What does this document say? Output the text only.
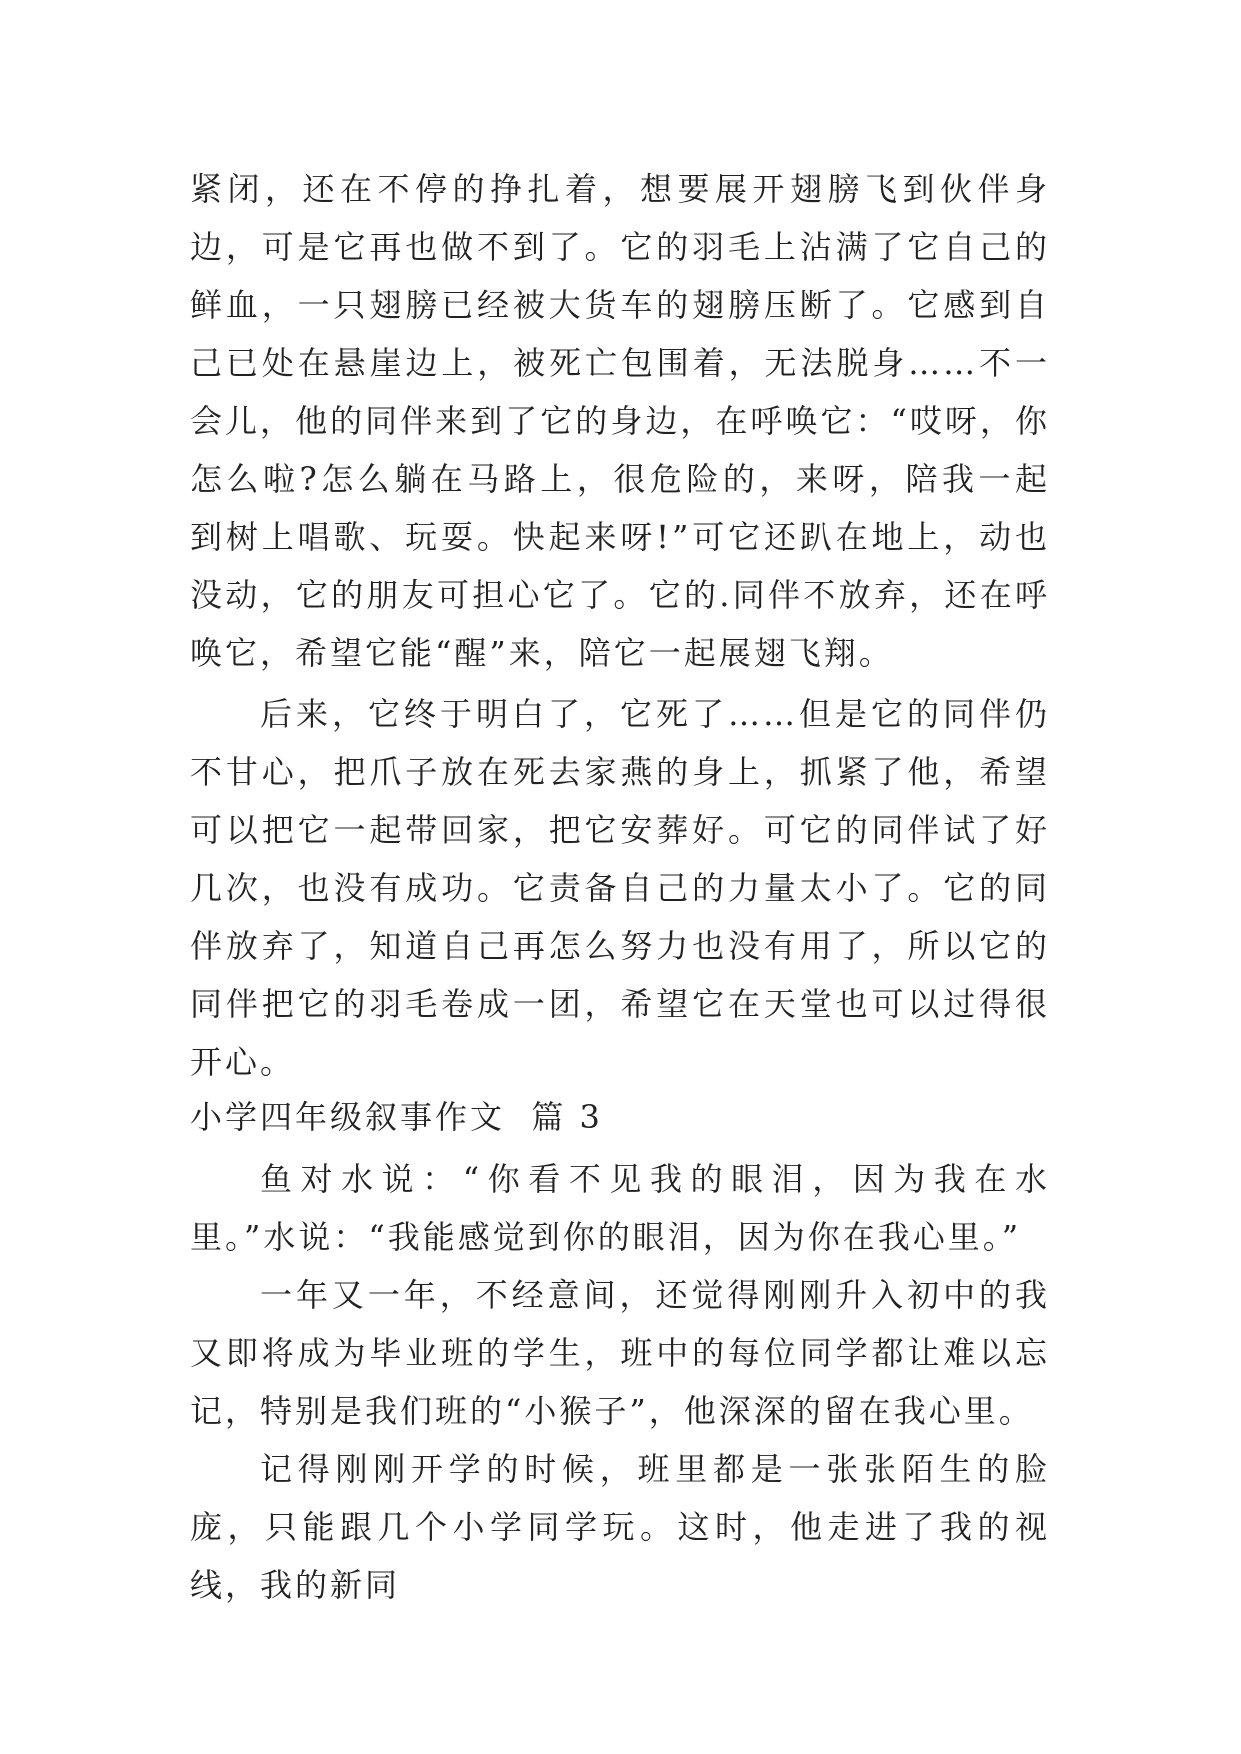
紧闭，还在不停的挣扎着，想要展开翅膀飞到伙伴身边，可是它再也做不到了。它的羽毛上沾满了它自己的鲜血，一只翅膀已经被大货车的翅膀压断了。它感到自己已处在悬崖边上，被死亡包围着，无法脱身……不一会儿，他的同伴来到了它的身边，在呼唤它：“哎呀，你怎么啦?怎么躺在马路上，很危险的，来呀，陪我一起到树上唱歌、玩耍。快起来呀!”可它还趴在地上，动也没动，它的朋友可担心它了。它的.同伴不放弃，还在呼唤它，希望它能“醒”来，陪它一起展翅飞翔。

后来，它终于明白了，它死了……但是它的同伴仍不甘心，把爪子放在死去家燕的身上，抓紧了他，希望可以把它一起带回家，把它安葬好。可它的同伴试了好几次，也没有成功。它责备自己的力量太小了。它的同伴放弃了，知道自己再怎么努力也没有用了，所以它的同伴把它的羽毛卷成一团，希望它在天堂也可以过得很开心。

小学四年级叙事作文  篇 3

鱼对水说：“你看不见我的眼泪，因为我在水里。”水说：“我能感觉到你的眼泪，因为你在我心里。”

一年又一年，不经意间，还觉得刚刚升入初中的我又即将成为毕业班的学生，班中的每位同学都让难以忘记，特别是我们班的“小猴子”，他深深的留在我心里。

记得刚刚开学的时候，班里都是一张张陌生的脸庞，只能跟几个小学同学玩。这时，他走进了我的视线，我的新同
